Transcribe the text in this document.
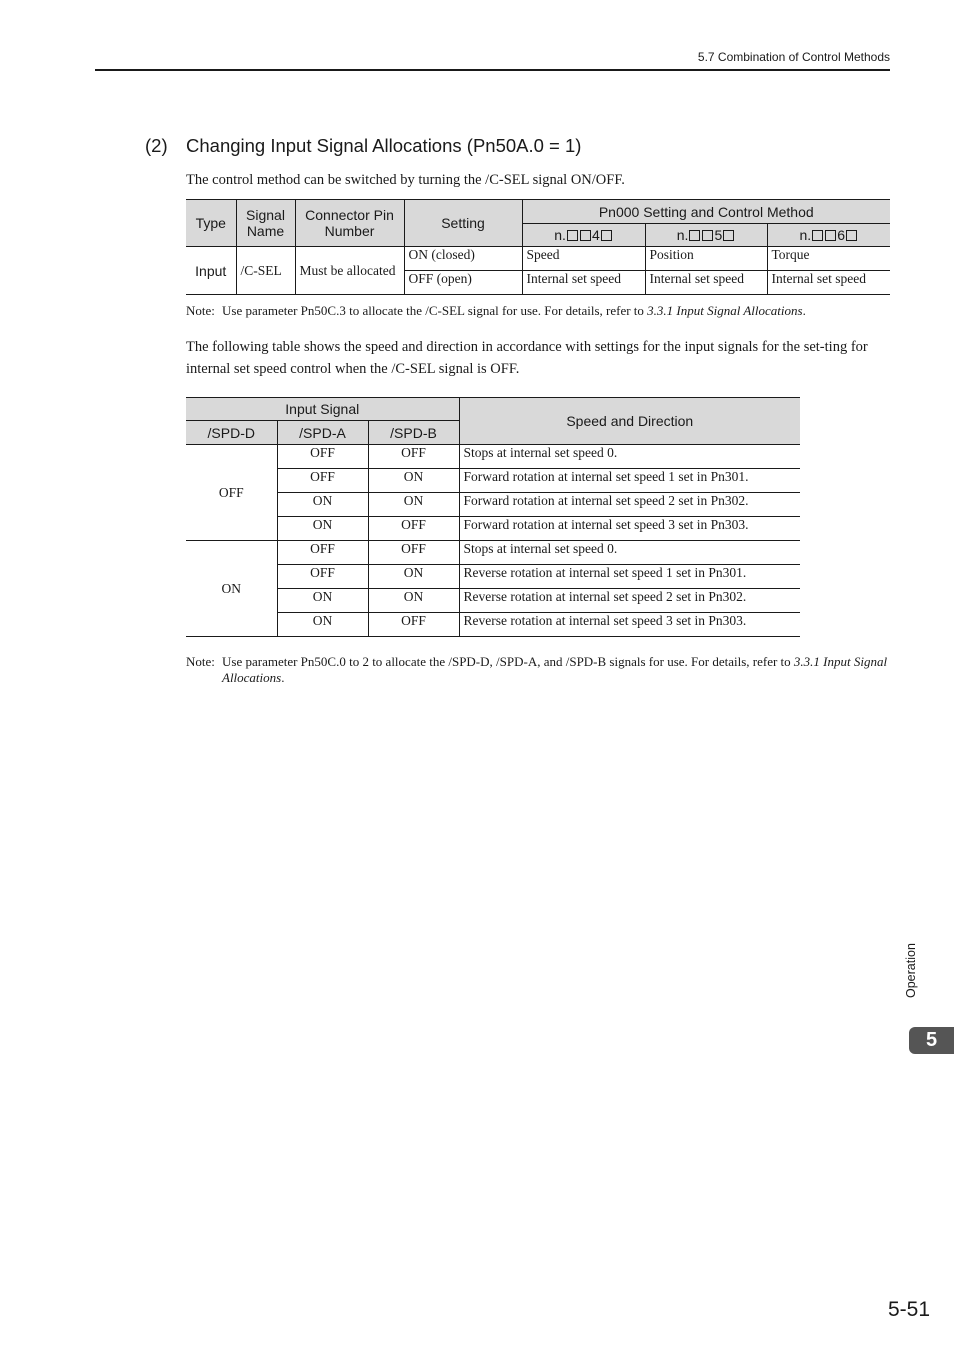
5.7 Combination of Control Methods
(2) Changing Input Signal Allocations (Pn50A.0 = 1)
The control method can be switched by turning the /C-SEL signal ON/OFF.
Type	Signal Name	Connector Pin Number	Setting	Pn000 Setting and Control Method		
				n. 4	n. 5	n. 6
Input	/C-SEL	Must be allocated	ON (closed)	Speed	Position	Torque
			OFF (open)	Internal set speed	Internal set speed	Internal set speed
Note: Use parameter Pn50C.3 to allocate the /C-SEL signal for use. For details, refer to 3.3.1 Input Signal Allocations.
The following table shows the speed and direction in accordance with settings for the input signals for the set-ting for internal set speed control when the /C-SEL signal is OFF.
Input Signal			Speed and Direction
/SPD-D	/SPD-A	/SPD-B	
OFF	OFF	OFF	Stops at internal set speed 0.
	OFF	ON	Forward rotation at internal set speed 1 set in Pn301.
	ON	ON	Forward rotation at internal set speed 2 set in Pn302.
	ON	OFF	Forward rotation at internal set speed 3 set in Pn303.
ON	OFF	OFF	Stops at internal set speed 0.
	OFF	ON	Reverse rotation at internal set speed 1 set in Pn301.
	ON	ON	Reverse rotation at internal set speed 2 set in Pn302.
	ON	OFF	Reverse rotation at internal set speed 3 set in Pn303.
Note: Use parameter Pn50C.0 to 2 to allocate the /SPD-D, /SPD-A, and /SPD-B signals for use. For details, refer to 3.3.1 Input Signal Allocations.
Operation
5
5-51
